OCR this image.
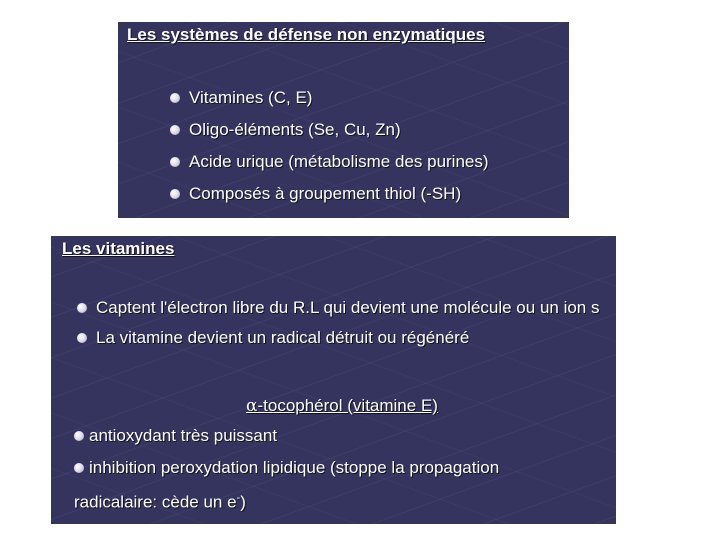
Les systèmes de défense non enzymatiques
Vitamines (C, E)
Oligo-éléments (Se, Cu, Zn)
Acide urique (métabolisme des purines)
Composés à groupement thiol (-SH)
Les vitamines
Captent l'électron libre du R.L qui devient une molécule ou un ion s
La vitamine devient un radical détruit ou régénéré
α-tocophérol (vitamine E)
antioxydant très puissant
inhibition peroxydation lipidique (stoppe la propagation
radicalaire: cède un e-)
